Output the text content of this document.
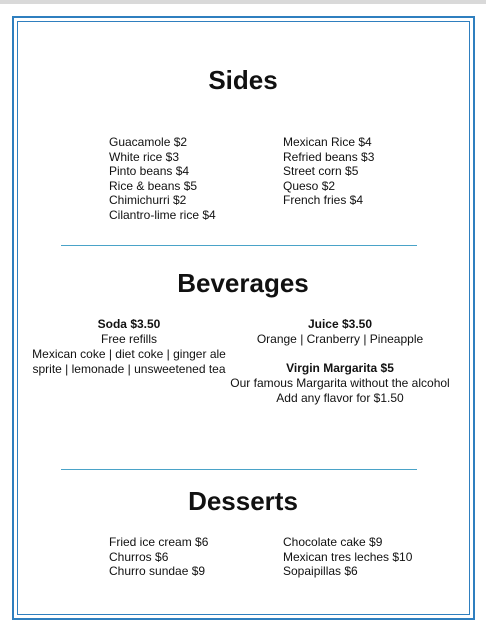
Sides
Guacamole $2
White rice $3
Pinto beans $4
Rice & beans $5
Chimichurri $2
Cilantro-lime rice $4
Mexican Rice $4
Refried beans $3
Street corn $5
Queso $2
French fries $4
Beverages
Soda $3.50
Free refills
Mexican coke | diet coke | ginger ale
sprite | lemonade | unsweetened tea
Juice $3.50
Orange | Cranberry | Pineapple
Virgin Margarita $5
Our famous Margarita without the alcohol
Add any flavor for $1.50
Desserts
Fried ice cream $6
Churros $6
Churro sundae $9
Chocolate cake $9
Mexican tres leches $10
Sopaipillas $6
